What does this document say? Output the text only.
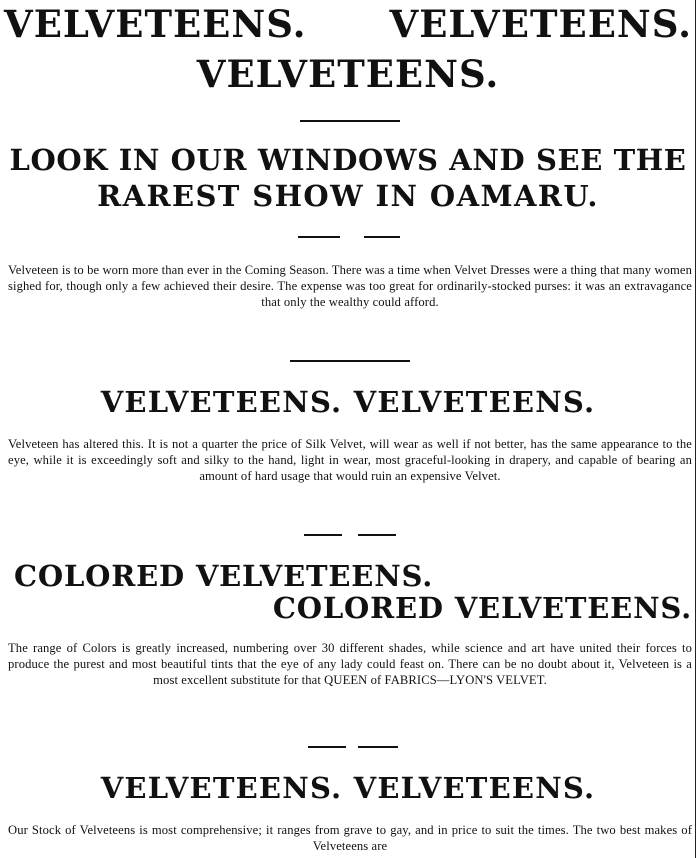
VELVETEENS. VELVETEENS.
VELVETEENS.
LOOK IN OUR WINDOWS AND SEE THE
RAREST SHOW IN OAMARU.
Velveteen is to be worn more than ever in the Coming Season. There was a time when Velvet Dresses were a thing that many women sighed for, though only a few achieved their desire. The expense was too great for ordinarily-stocked purses: it was an extravagance that only the wealthy could afford.
VELVETEENS. VELVETEENS.
Velveteen has altered this. It is not a quarter the price of Silk Velvet, will wear as well if not better, has the same appearance to the eye, while it is exceedingly soft and silky to the hand, light in wear, most graceful-looking in drapery, and capable of bearing an amount of hard usage that would ruin an expensive Velvet.
COLORED VELVETEENS.
COLORED VELVETEENS.
The range of Colors is greatly increased, numbering over 30 different shades, while science and art have united their forces to produce the purest and most beautiful tints that the eye of any lady could feast on. There can be no doubt about it, Velveteen is a most excellent substitute for that QUEEN of FABRICS—LYON'S VELVET.
VELVETEENS. VELVETEENS.
Our Stock of Velveteens is most comprehensive; it ranges from grave to gay, and in price to suit the times. The two best makes of Velveteens are
